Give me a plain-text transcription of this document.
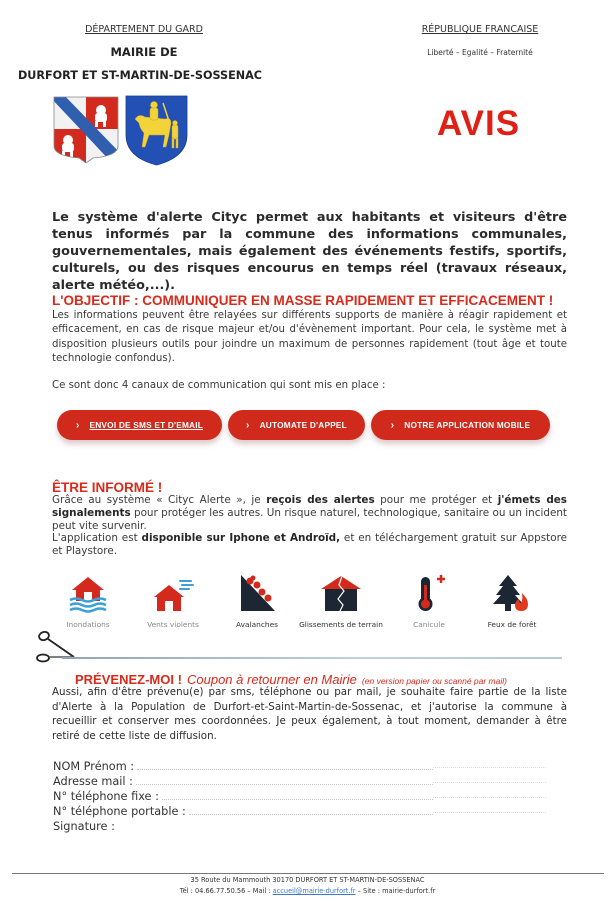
DÉPARTEMENT DU GARD
MAIRIE DE
DURFORT ET ST-MARTIN-DE-SOSSENAC
RÉPUBLIQUE FRANCAISE
Liberté – Egalité – Fraternité
AVIS
Le système d'alerte Cityc permet aux habitants et visiteurs d'être tenus informés par la commune des informations communales, gouvernementales, mais également des événements festifs, sportifs, culturels, ou des risques encourus en temps réel (travaux réseaux, alerte météo,...).
L'OBJECTIF : COMMUNIQUER EN MASSE RAPIDEMENT ET EFFICACEMENT !
Les informations peuvent être relayées sur différents supports de manière à réagir rapidement et efficacement, en cas de risque majeur et/ou d'évènement important. Pour cela, le système met à disposition plusieurs outils pour joindre un maximum de personnes rapidement (tout âge et toute technologie confondus).
Ce sont donc 4 canaux de communication qui sont mis en place :
› ENVOI DE SMS ET D'EMAIL	› AUTOMATE D'APPEL	› NOTRE APPLICATION MOBILE
ÊTRE INFORMÉ !
Grâce au système « Cityc Alerte », je reçois des alertes pour me protéger et j'émets des signalements pour protéger les autres. Un risque naturel, technologique, sanitaire ou un incident peut vite survenir.
L'application est disponible sur Iphone et Androïd, et en téléchargement gratuit sur Appstore et Playstore.
Inondations	Vents violents	Avalanches	Glissements de terrain	Canicule	Feux de forêt
PRÉVENEZ-MOI ! Coupon à retourner en Mairie (en version papier ou scanné par mail)
Aussi, afin d'être prévenu(e) par sms, téléphone ou par mail, je souhaite faire partie de la liste d'Alerte à la Population de Durfort-et-Saint-Martin-de-Sossenac, et j'autorise la commune à recueillir et conserver mes coordonnées. Je peux également, à tout moment, demander à être retiré de cette liste de diffusion.
NOM Prénom :
Adresse mail :
N° téléphone fixe :
N° téléphone portable :
Signature :
35 Route du Mammouth 30170 DURFORT ET ST-MARTIN-DE-SOSSENAC
Tél : 04.66.77.50.56 – Mail : accueil@mairie-durfort.fr – Site : mairie-durfort.fr
